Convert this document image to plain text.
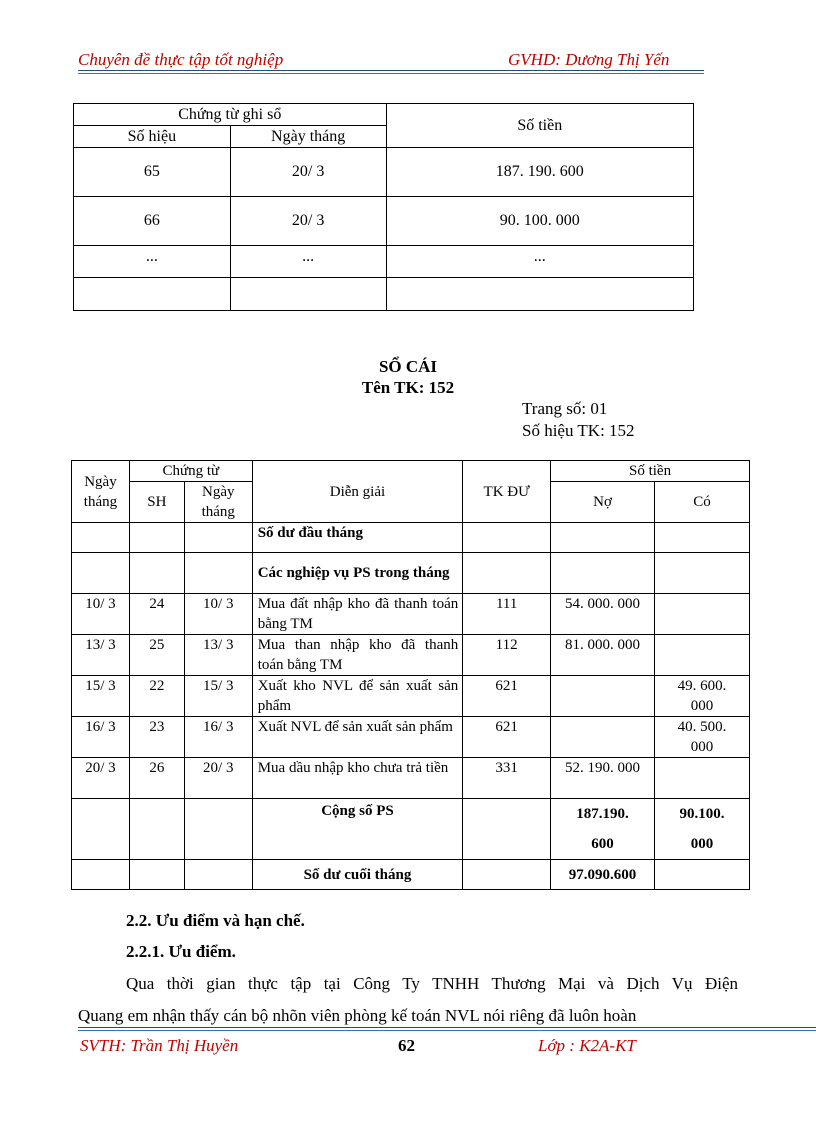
Chuyên đề thực tập tốt nghiệp	GVHD: Dương Thị Yến
Chứng từ ghi sổ		Số tiền
Số hiệu	Ngày tháng	
65	20/ 3	187. 190. 600
66	20/ 3	90. 100. 000
...	...	...

SỔ CÁI
Tên TK: 152
Trang số: 01
Số hiệu TK: 152
Ngày tháng	Chứng từ		Diễn giải	TK ĐƯ	Số tiền	
	SH	Ngày tháng			Nợ	Có
			Số dư đầu tháng			
			Các nghiệp vụ PS trong tháng			
10/ 3	24	10/ 3	Mua đất nhập kho đã thanh toán bằng TM	111	54. 000. 000	
13/ 3	25	13/ 3	Mua than nhập kho đã thanh toán bằng TM	112	81. 000. 000	
15/ 3	22	15/ 3	Xuất kho NVL để sản xuất sản phẩm	621		49. 600. 000
16/ 3	23	16/ 3	Xuất NVL để sản xuất sản phẩm	621		40. 500. 000
20/ 3	26	20/ 3	Mua dầu nhập kho chưa trả tiền	331	52. 190. 000	
			Cộng số PS		187.190. 600	90.100. 000
			Số dư cuối tháng		97.090.600	
2.2. Ưu điểm và hạn chế.
2.2.1. Ưu điểm.
Qua thời gian thực tập tại Công Ty TNHH Thương Mại và Dịch Vụ Điện
Quang em nhận thấy cán bộ nhõn viên phòng kế toán NVL nói riêng đã luôn hoàn
SVTH: Trần Thị Huyền	62	Lớp : K2A-KT
